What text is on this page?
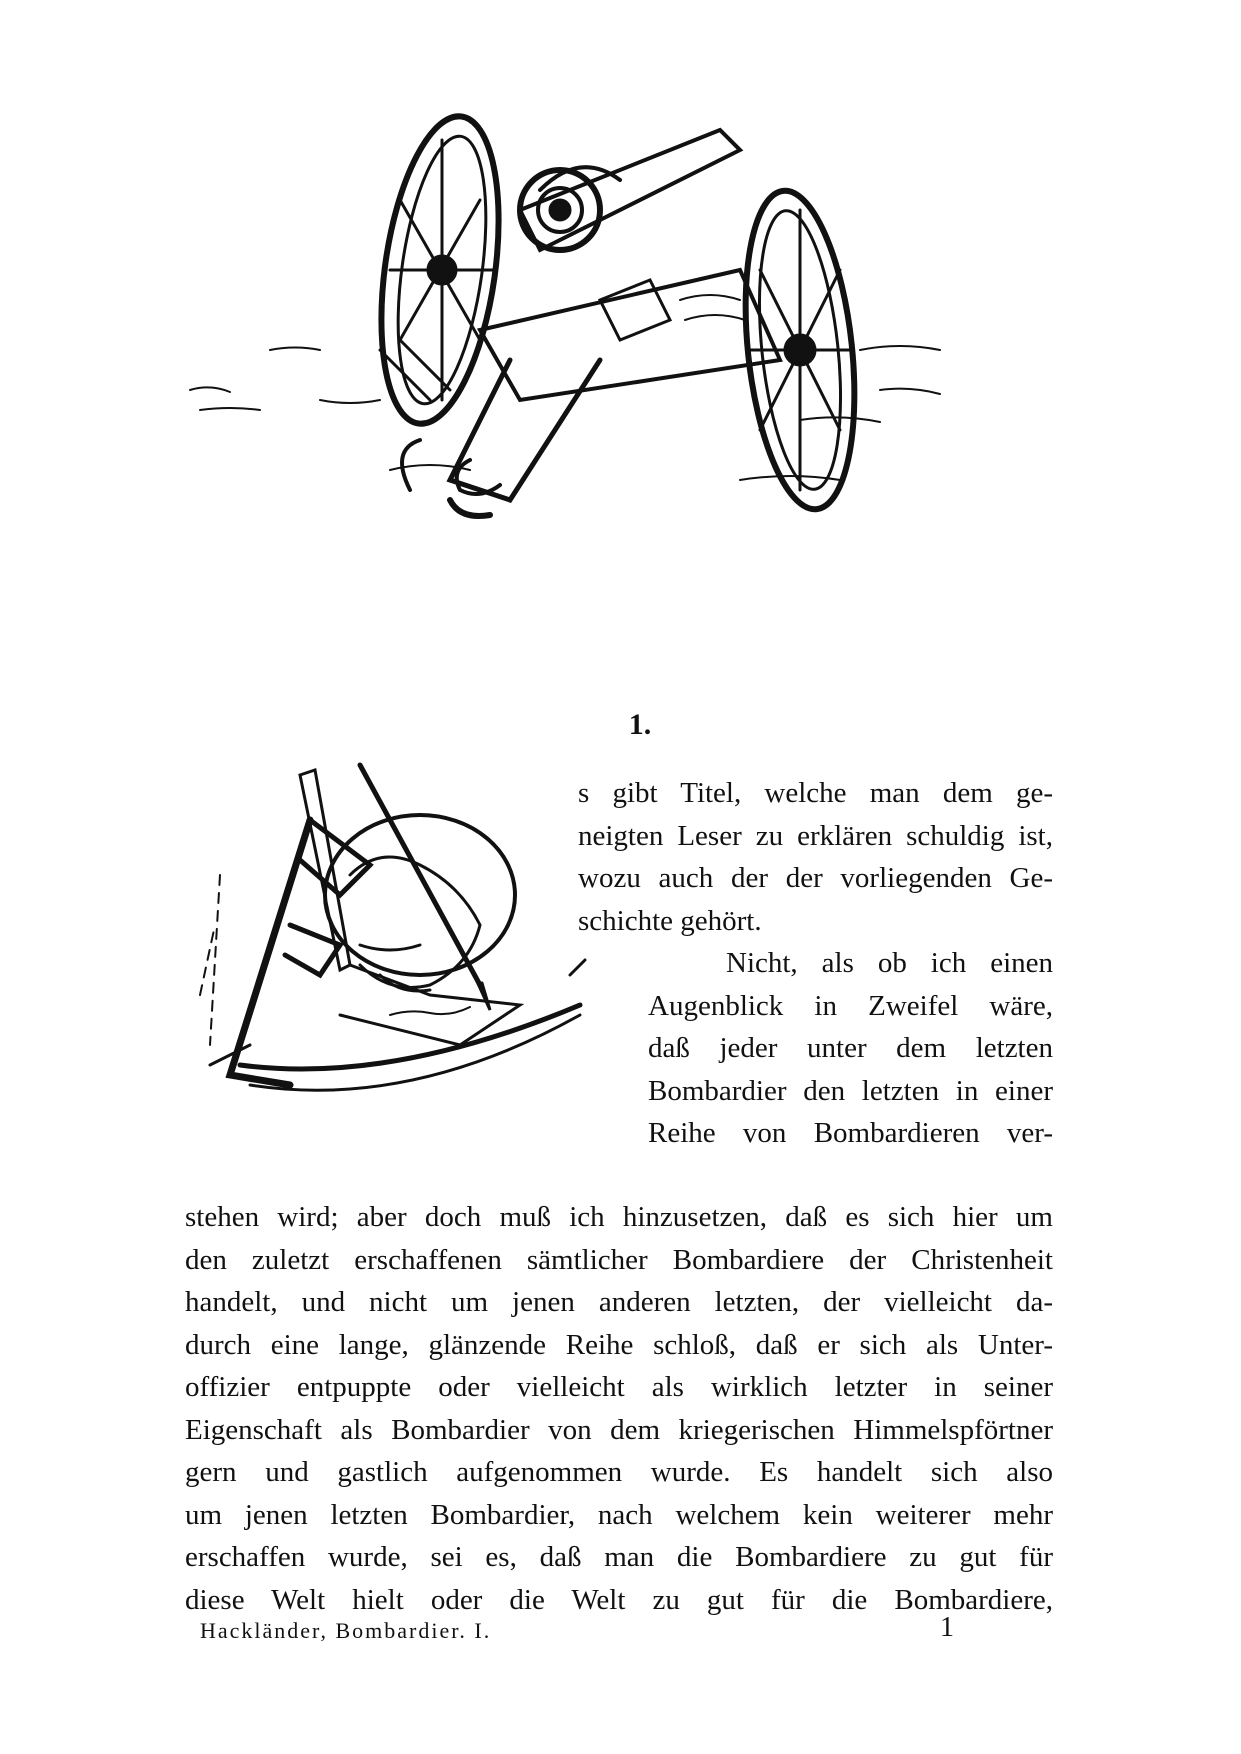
1.
s gibt Titel, welche man dem ge-
neigten Leser zu erklären schuldig ist,
wozu auch der der vorliegenden Ge-
schichte gehört.
Nicht, als ob ich einen
Augenblick in Zweifel wäre,
daß jeder unter dem letzten
Bombardier den letzten in einer
Reihe von Bombardieren ver-
stehen wird; aber doch muß ich hinzusetzen, daß es sich hier um
den zuletzt erschaffenen sämtlicher Bombardiere der Christenheit
handelt, und nicht um jenen anderen letzten, der vielleicht da-
durch eine lange, glänzende Reihe schloß, daß er sich als Unter-
offizier entpuppte oder vielleicht als wirklich letzter in seiner
Eigenschaft als Bombardier von dem kriegerischen Himmelspförtner
gern und gastlich aufgenommen wurde. Es handelt sich also
um jenen letzten Bombardier, nach welchem kein weiterer mehr
erschaffen wurde, sei es, daß man die Bombardiere zu gut für
diese Welt hielt oder die Welt zu gut für die Bombardiere,
Hackländer, Bombardier. I.	1
